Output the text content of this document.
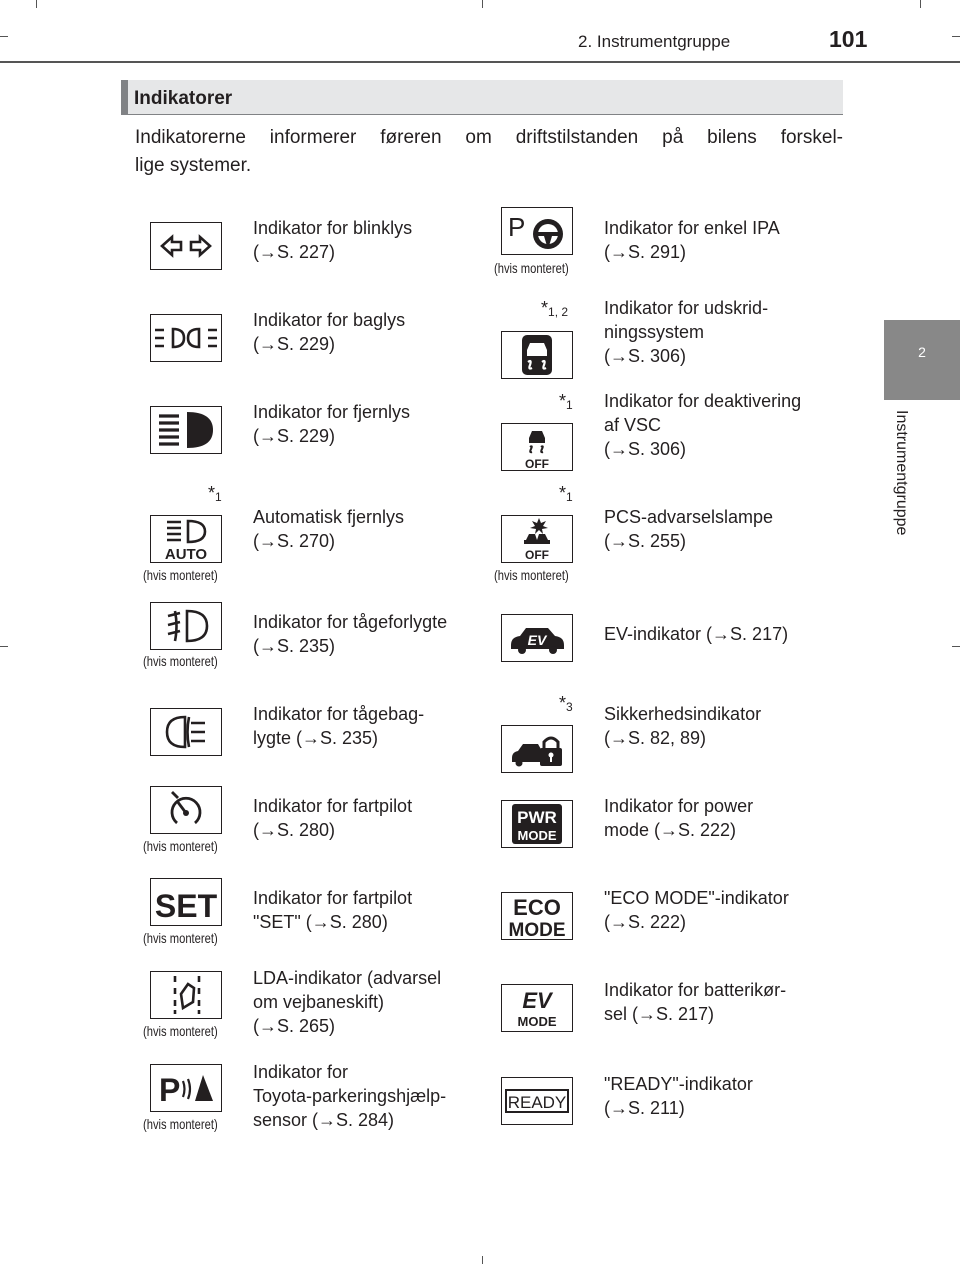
2. Instrumentgruppe	101
2
Instrumentgruppe
Indikatorer
Indikatorerne informerer føreren om driftstilstanden på bilens forskel-
lige systemer.
Indikator for blinklys
(→S. 227)
Indikator for baglys
(→S. 229)
Indikator for fjernlys
(→S. 229)
$*_1$
AUTO
(hvis monteret)
Automatisk fjernlys
(→S. 270)
(hvis monteret)
Indikator for tågeforlygte
(→S. 235)
Indikator for tågebag-
lygte (→S. 235)
(hvis monteret)
Indikator for fartpilot
(→S. 280)
SET
(hvis monteret)
Indikator for fartpilot
"SET" (→S. 280)
(hvis monteret)
LDA-indikator (advarsel
om vejbaneskift)
(→S. 265)
P
(hvis monteret)
Indikator for
Toyota-parkeringshjælp-
sensor (→S. 284)
P
(hvis monteret)
Indikator for enkel IPA
(→S. 291)
$*_{1, 2}$ Indikator for udskrid-
ningssystem
(→S. 306)
$*_1$
OFF
Indikator for deaktivering
af VSC
(→S. 306)
$*_1$
OFF
(hvis monteret)
PCS-advarselslampe
(→S. 255)
EV	EV-indikator (→S. 217)
$*_3$ Sikkerhedsindikator
(→S. 82, 89)
PWR
MODE
Indikator for power
mode (→S. 222)
ECO
MODE
"ECO MODE"-indikator
(→S. 222)
EV
MODE
Indikator for batterikør-
sel (→S. 217)
READY
"READY"-indikator
(→S. 211)
